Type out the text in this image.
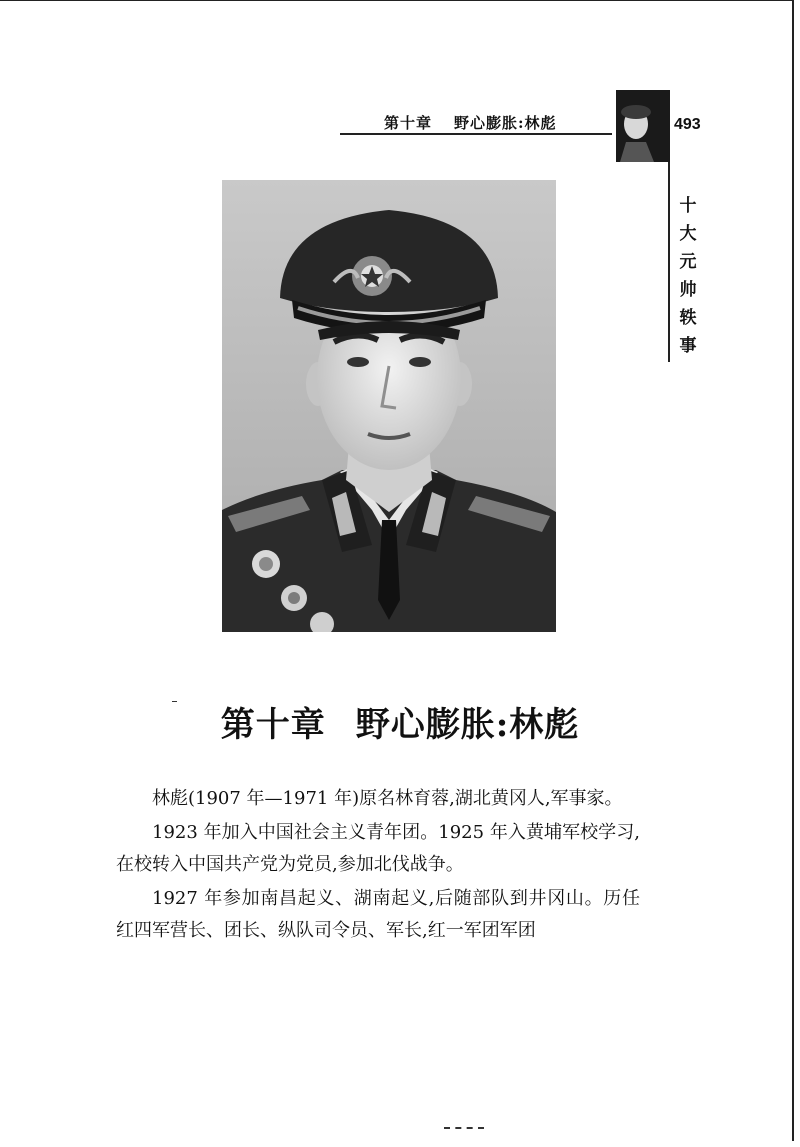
第十章 野心膨胀:林彪	493
十大元帅轶事
第十章 野心膨胀:林彪

林彪(1907 年—1971 年)原名林育蓉,湖北黄冈人,军事家。

1923 年加入中国社会主义青年团。1925 年入黄埔军校学习,在校转入中国共产党为党员,参加北伐战争。

1927 年参加南昌起义、湖南起义,后随部队到井冈山。历任红四军营长、团长、纵队司令员、军长,红一军团军团
